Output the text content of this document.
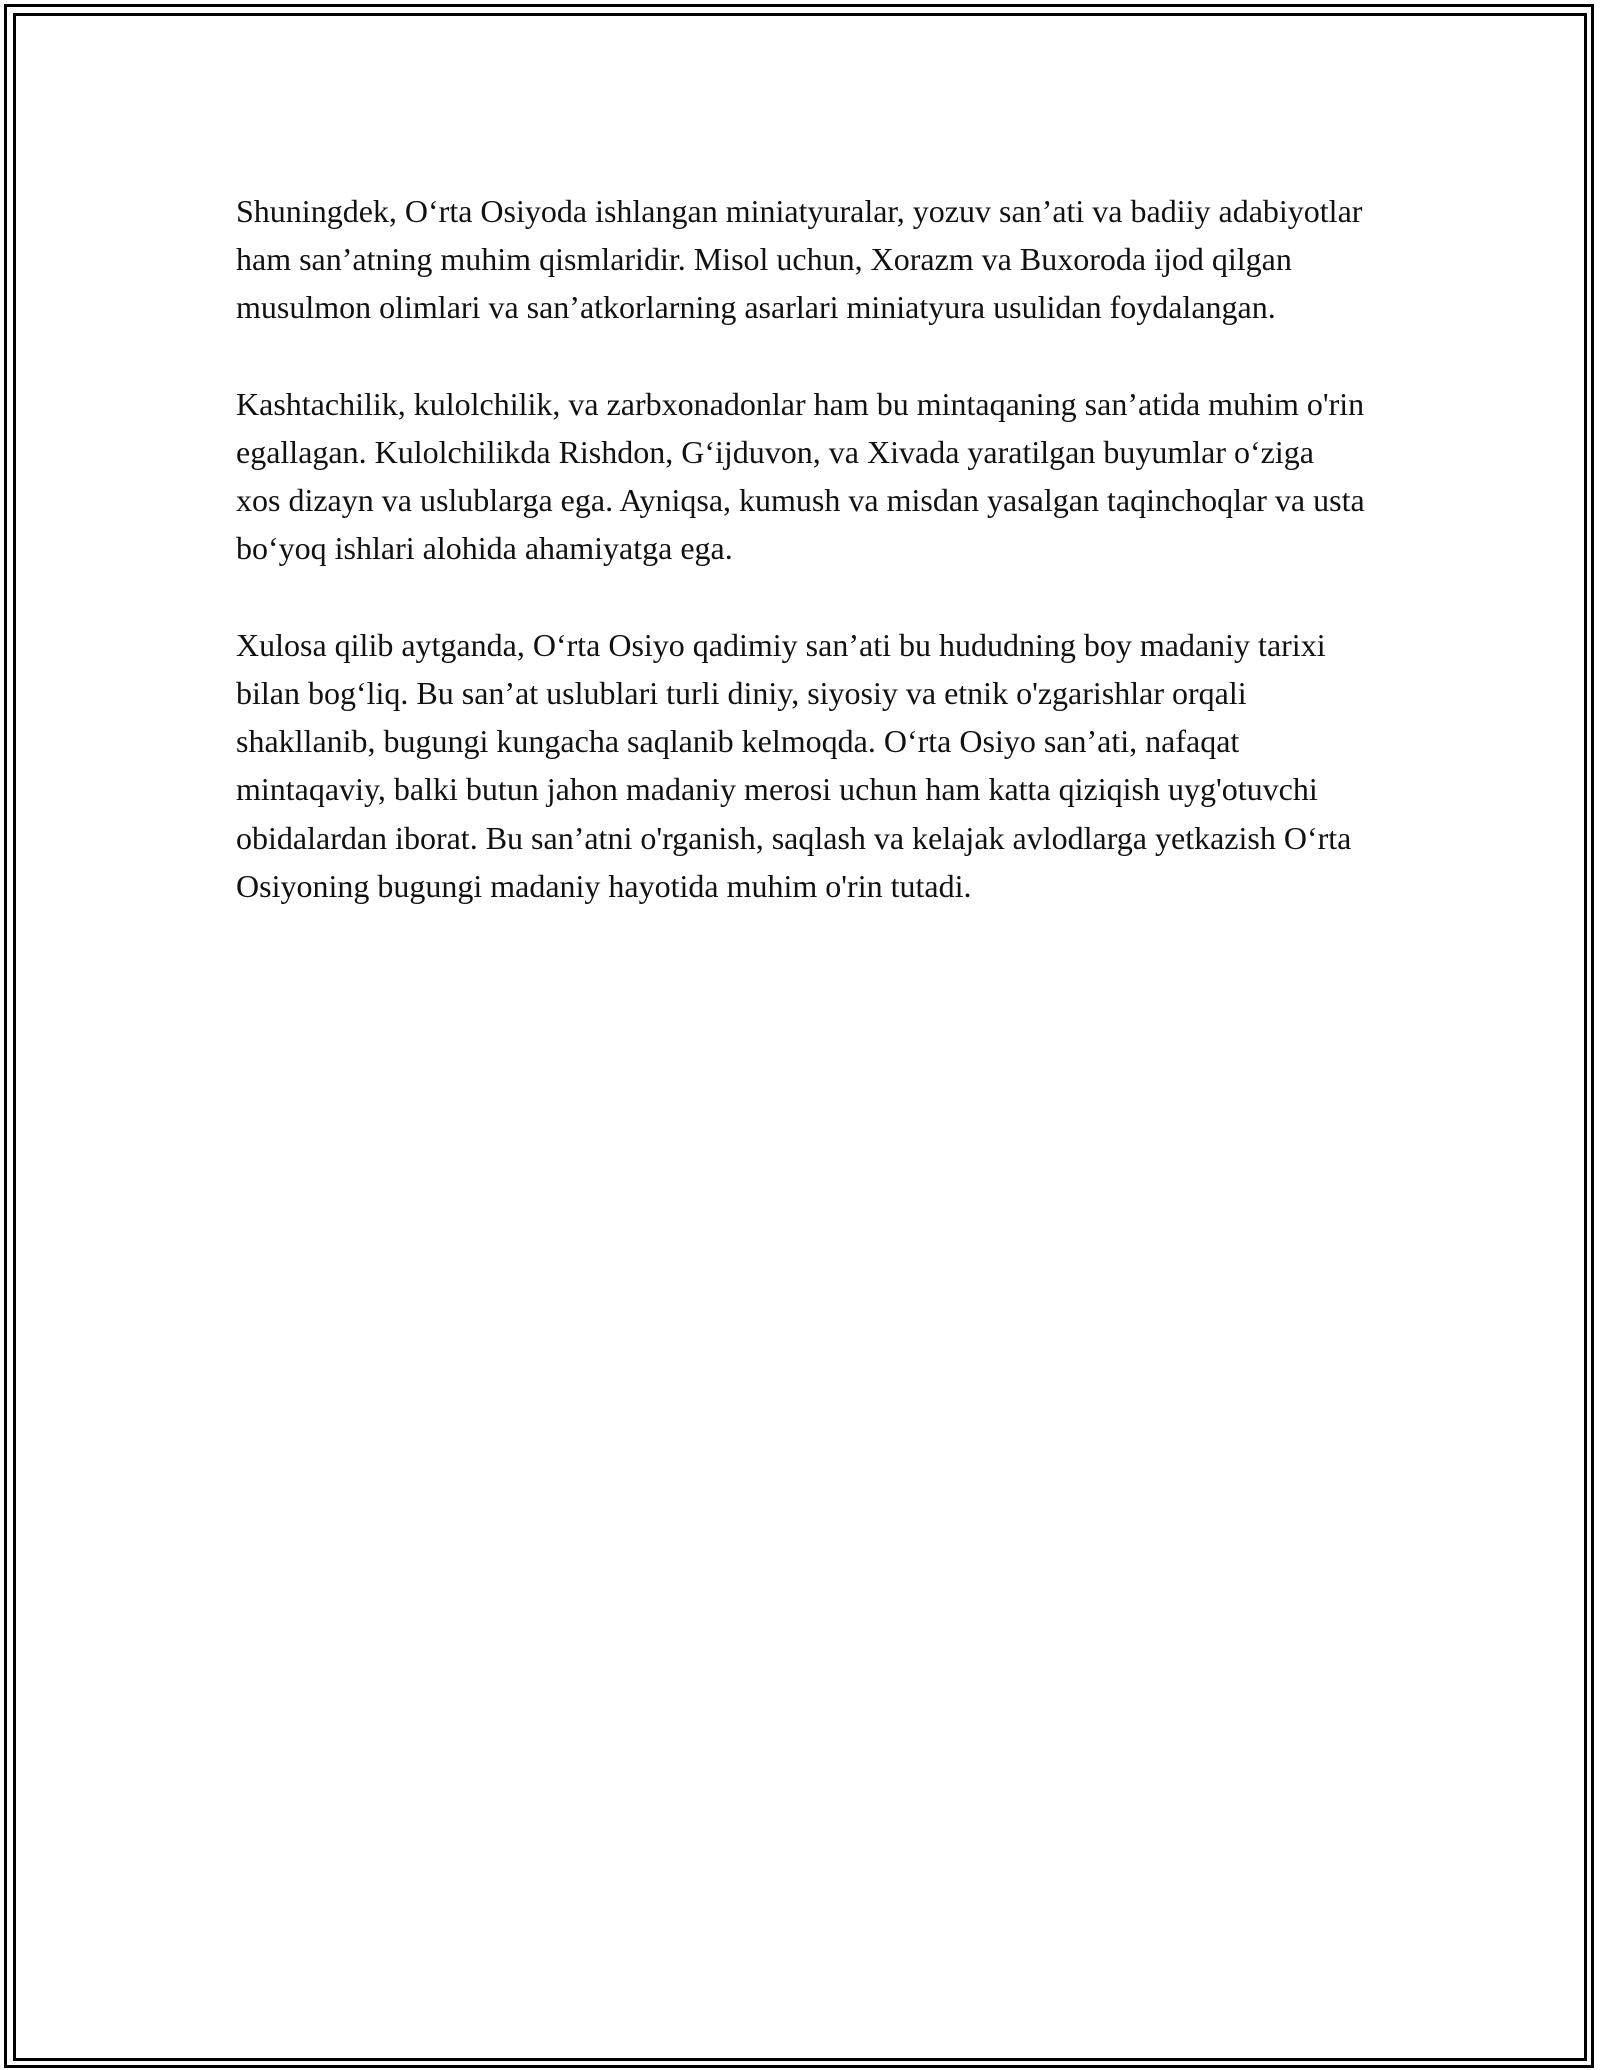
Shuningdek, O‘rta Osiyoda ishlangan miniatyuralar, yozuv san’ati va badiiy adabiyotlar ham san’atning muhim qismlaridir. Misol uchun, Xorazm va Buxoroda ijod qilgan musulmon olimlari va san’atkorlarning asarlari miniatyura usulidan foydalangan.

Kashtachilik, kulolchilik, va zarbxonadonlar ham bu mintaqaning san’atida muhim o'rin egallagan. Kulolchilikda Rishdon, G‘ijduvon, va Xivada yaratilgan buyumlar o‘ziga xos dizayn va uslublarga ega. Ayniqsa, kumush va misdan yasalgan taqinchoqlar va usta bo‘yoq ishlari alohida ahamiyatga ega.

Xulosa qilib aytganda, O‘rta Osiyo qadimiy san’ati bu hududning boy madaniy tarixi bilan bog‘liq. Bu san’at uslublari turli diniy, siyosiy va etnik o'zgarishlar orqali shakllanib, bugungi kungacha saqlanib kelmoqda. O‘rta Osiyo san’ati, nafaqat mintaqaviy, balki butun jahon madaniy merosi uchun ham katta qiziqish uyg'otuvchi obidalardan iborat. Bu san’atni o'rganish, saqlash va kelajak avlodlarga yetkazish O‘rta Osiyoning bugungi madaniy hayotida muhim o'rin tutadi.
